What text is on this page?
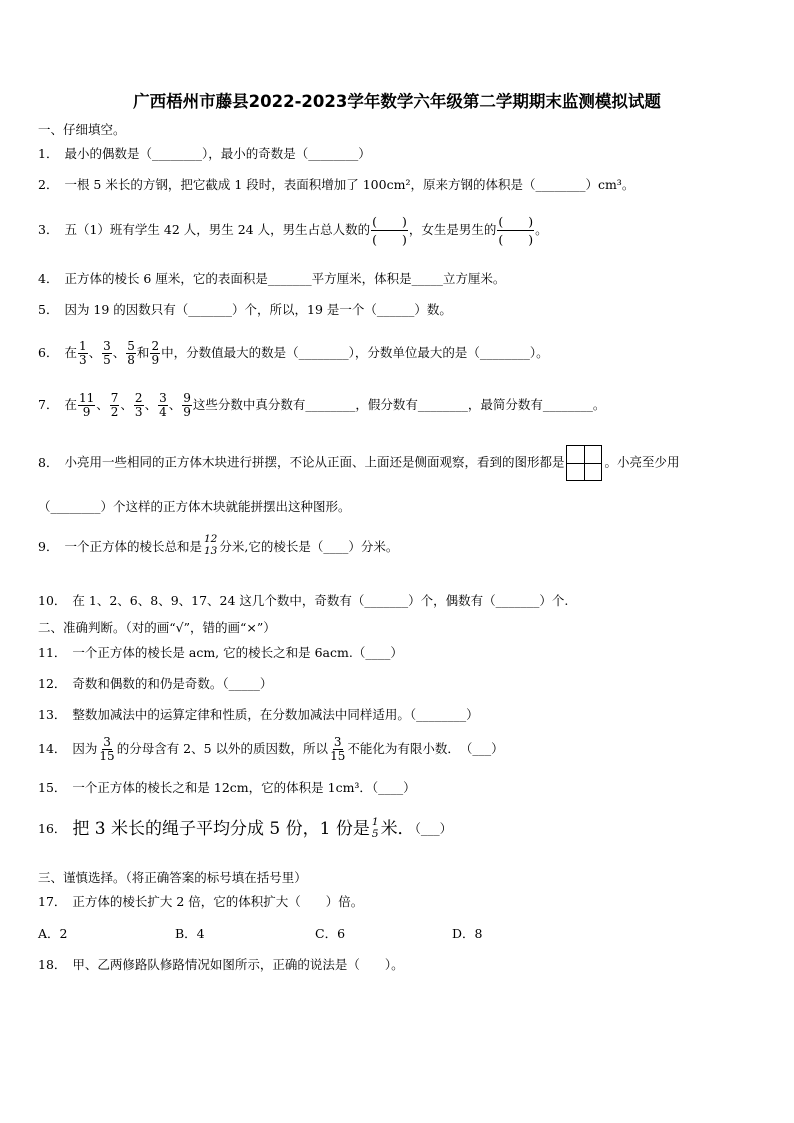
广西梧州市藤县2022-2023学年数学六年级第二学期期末监测模拟试题
一、仔细填空。
1． 最小的偶数是（________），最小的奇数是（________）
2． 一根 5 米长的方钢，把它截成 1 段时，表面积增加了 100cm²，原来方钢的体积是（________）cm³。
3． 五（1）班有学生 42 人，男生 24 人，男生占总人数的 $\frac{( )}{( )}$ ，女生是男生的 $\frac{( )}{( )}$ 。
4． 正方体的棱长 6 厘米，它的表面积是_______平方厘米，体积是_____立方厘米。
5． 因为 19 的因数只有（_______）个，所以，19 是一个（______）数。
6． 在 $\frac{1}{3}$ 、 $\frac{3}{5}$ 、 $\frac{5}{8}$ 和 $\frac{2}{9}$ 中，分数值最大的数是（________），分数单位最大的是（________）。
7． 在 $\frac{11}{9}$ 、 $\frac{7}{2}$ 、 $\frac{2}{3}$ 、 $\frac{3}{4}$ 、 $\frac{9}{9}$ 这些分数中真分数有________，假分数有________，最简分数有________。
8． 小亮用一些相同的正方体木块进行拼摆，不论从正面、上面还是侧面观察，看到的图形都是	。小亮至少用
（________）个这样的正方体木块就能拼摆出这种图形。
9． 一个正方体的棱长总和是 12
13 分米,它的棱长是（____）分米。
10． 在 1、2、6、8、9、17、24 这几个数中，奇数有（_______）个，偶数有（_______）个.
二、准确判断。（对的画“√”，错的画“×”）
11． 一个正方体的棱长是 acm, 它的棱长之和是 6acm.（____）
12． 奇数和偶数的和仍是奇数。（_____）
13． 整数加减法中的运算定律和性质，在分数加减法中同样适用。（________）
14． 因为 $\frac{3}{15}$ 的分母含有 2、5 以外的质因数，所以 $\frac{3}{15}$ 不能化为有限小数．　（___）
15． 一个正方体的棱长之和是 12cm，它的体积是 1cm³．（____）
16． 把 3 米长的绳子平均分成 5 份，1 份是 1
5 米．（___）
三、谨慎选择。（将正确答案的标号填在括号里）
17． 正方体的棱长扩大 2 倍，它的体积扩大（　　）倍。
A．2	B．4	C．6	D．8
18． 甲、乙两修路队修路情况如图所示，正确的说法是（　　）。
